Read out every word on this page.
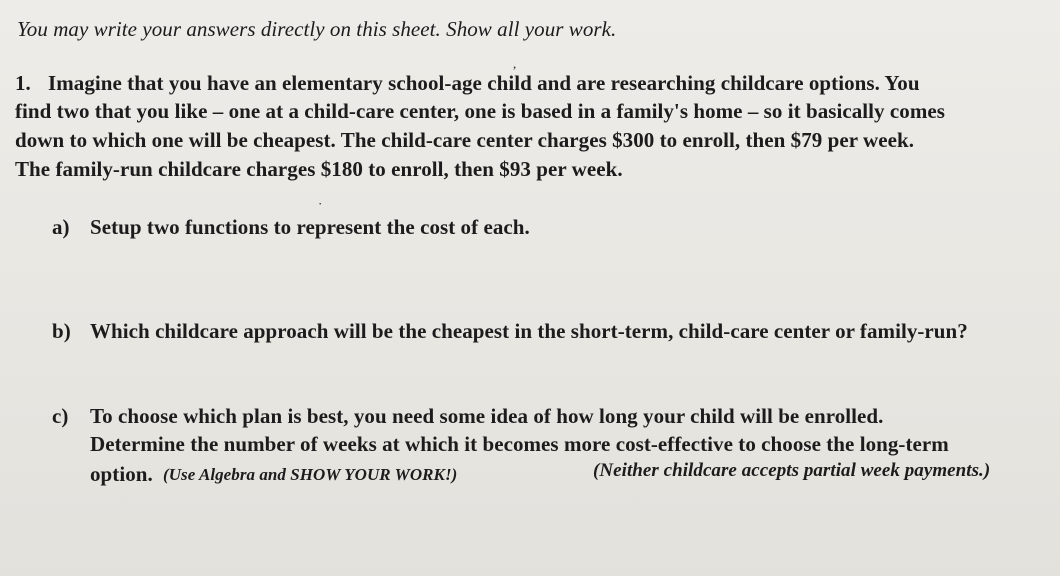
You may write your answers directly on this sheet. Show all your work.
1. Imagine that you have an elementary school-age child and are researching childcare options. You
find two that you like – one at a child-care center, one is based in a family's home – so it basically comes
down to which one will be cheapest. The child-care center charges $300 to enroll, then $79 per week.
The family-run childcare charges $180 to enroll, then $93 per week.
,
·
a) Setup two functions to represent the cost of each.
b) Which childcare approach will be the cheapest in the short-term, child-care center or family-run?
c) To choose which plan is best, you need some idea of how long your child will be enrolled.
Determine the number of weeks at which it becomes more cost-effective to choose the long-term
option. (Use Algebra and SHOW YOUR WORK!)	(Neither childcare accepts partial week payments.)
